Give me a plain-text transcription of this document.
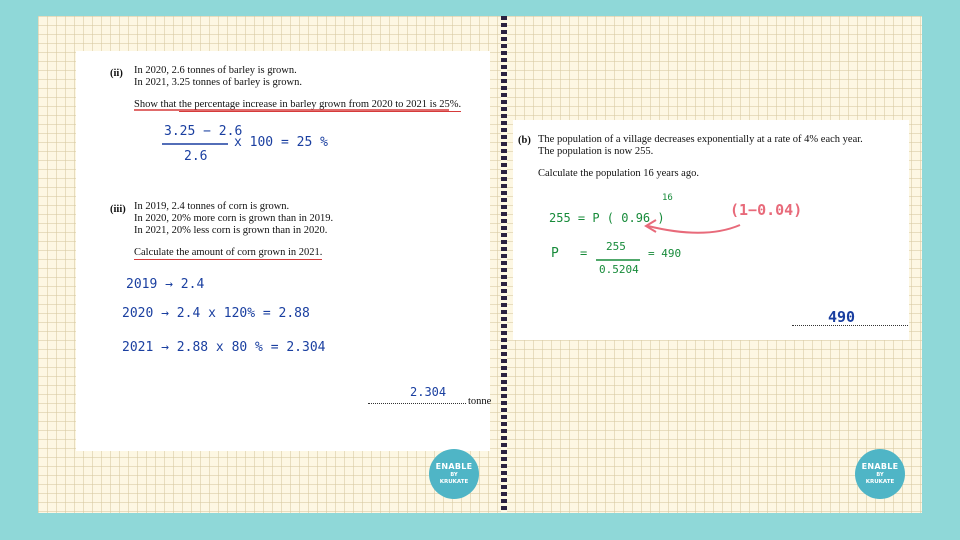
(ii) In 2020, 2.6 tonnes of barley is grown.
In 2021, 3.25 tonnes of barley is grown.
Show that the percentage increase in barley grown from 2020 to 2021 is 25%.
3.25 − 2.6
2.6
x 100 = 25 %
(iii) In 2019, 2.4 tonnes of corn is grown.
In 2020, 20% more corn is grown than in 2019.
In 2021, 20% less corn is grown than in 2020.
Calculate the amount of corn grown in 2021.
2019 → 2.4
2020 → 2.4 x 120% = 2.88
2021 → 2.88 x 80 % = 2.304
2.304
tonne
(b) The population of a village decreases exponentially at a rate of 4% each year.
The population is now 255.
Calculate the population 16 years ago.
255 = P ( 0.96 )
16
(1−0.04)
P = 255
0.5204
= 490
490
ENABLE
BY
KRUKATE
ENABLE
BY
KRUKATE
